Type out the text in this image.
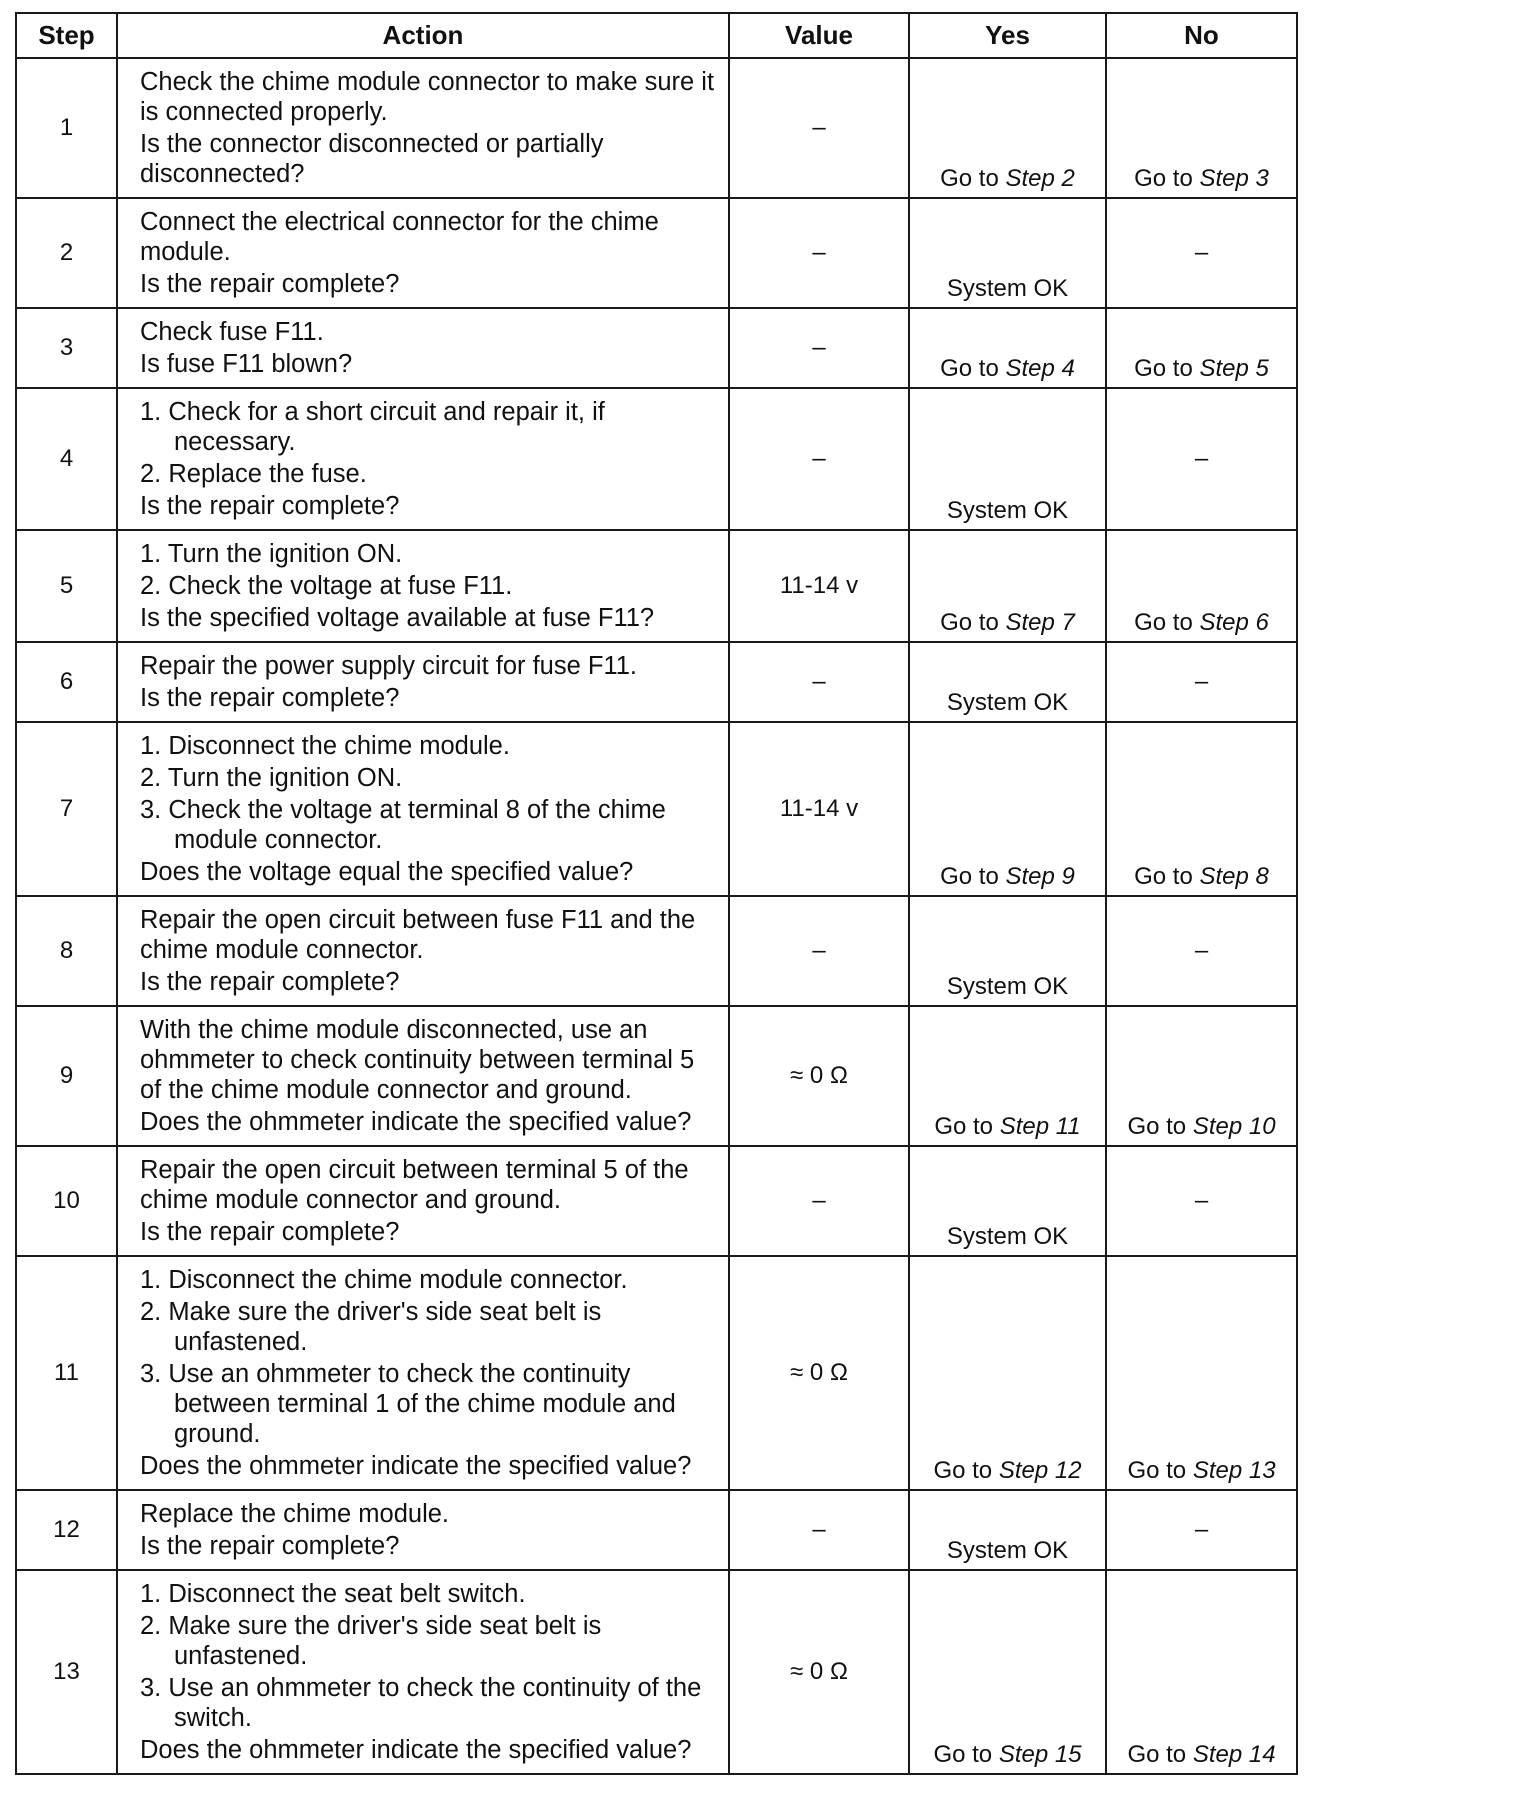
Step	Action	Value	Yes	No
1	Check the chime module connector to make sure it is connected properly.
Is the connector disconnected or partially disconnected?	–	Go to Step 2	Go to Step 3
2	Connect the electrical connector for the chime module.
Is the repair complete?	–	System OK	–
3	Check fuse F11.
Is fuse F11 blown?	–	Go to Step 4	Go to Step 5
4	1. Check for a short circuit and repair it, if necessary.
2. Replace the fuse.
Is the repair complete?	–	System OK	–
5	1. Turn the ignition ON.
2. Check the voltage at fuse F11.
Is the specified voltage available at fuse F11?	11-14 v	Go to Step 7	Go to Step 6
6	Repair the power supply circuit for fuse F11.
Is the repair complete?	–	System OK	–
7	1. Disconnect the chime module.
2. Turn the ignition ON.
3. Check the voltage at terminal 8 of the chime module connector.
Does the voltage equal the specified value?	11-14 v	Go to Step 9	Go to Step 8
8	Repair the open circuit between fuse F11 and the chime module connector.
Is the repair complete?	–	System OK	–
9	With the chime module disconnected, use an ohmmeter to check continuity between terminal 5 of the chime module connector and ground.
Does the ohmmeter indicate the specified value?	≈ 0 Ω	Go to Step 11	Go to Step 10
10	Repair the open circuit between terminal 5 of the chime module connector and ground.
Is the repair complete?	–	System OK	–
11	1. Disconnect the chime module connector.
2. Make sure the driver's side seat belt is unfastened.
3. Use an ohmmeter to check the continuity between terminal 1 of the chime module and ground.
Does the ohmmeter indicate the specified value?	≈ 0 Ω	Go to Step 12	Go to Step 13
12	Replace the chime module.
Is the repair complete?	–	System OK	–
13	1. Disconnect the seat belt switch.
2. Make sure the driver's side seat belt is unfastened.
3. Use an ohmmeter to check the continuity of the switch.
Does the ohmmeter indicate the specified value?	≈ 0 Ω	Go to Step 15	Go to Step 14
